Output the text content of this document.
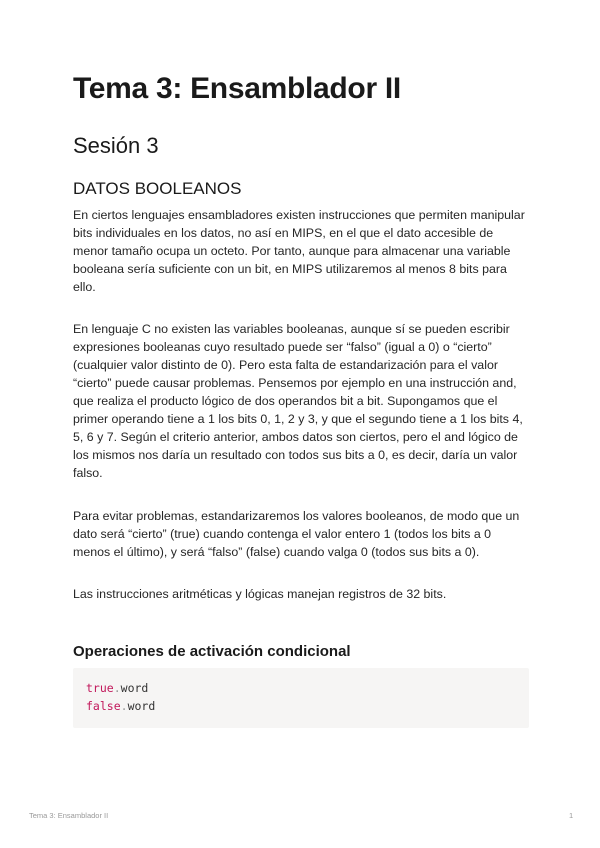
Tema 3: Ensamblador II
Sesión 3
DATOS BOOLEANOS

En ciertos lenguajes ensambladores existen instrucciones que permiten manipular bits individuales en los datos, no así en MIPS, en el que el dato accesible de menor tamaño ocupa un octeto. Por tanto, aunque para almacenar una variable booleana sería suficiente con un bit, en MIPS utilizaremos al menos 8 bits para ello.

En lenguaje C no existen las variables booleanas, aunque sí se pueden escribir expresiones booleanas cuyo resultado puede ser “falso” (igual a 0) o “cierto” (cualquier valor distinto de 0). Pero esta falta de estandarización para el valor “cierto” puede causar problemas. Pensemos por ejemplo en una instrucción and, que realiza el producto lógico de dos operandos bit a bit. Supongamos que el primer operando tiene a 1 los bits 0, 1, 2 y 3, y que el segundo tiene a 1 los bits 4, 5, 6 y 7. Según el criterio anterior, ambos datos son ciertos, pero el and lógico de los mismos nos daría un resultado con todos sus bits a 0, es decir, daría un valor falso.

Para evitar problemas, estandarizaremos los valores booleanos, de modo que un dato será “cierto” (true) cuando contenga el valor entero 1 (todos los bits a 0 menos el último), y será “falso” (false) cuando valga 0 (todos sus bits a 0).

Las instrucciones aritméticas y lógicas manejan registros de 32 bits.

Operaciones de activación condicional
true.word
false.word
Tema 3: Ensamblador II	1
